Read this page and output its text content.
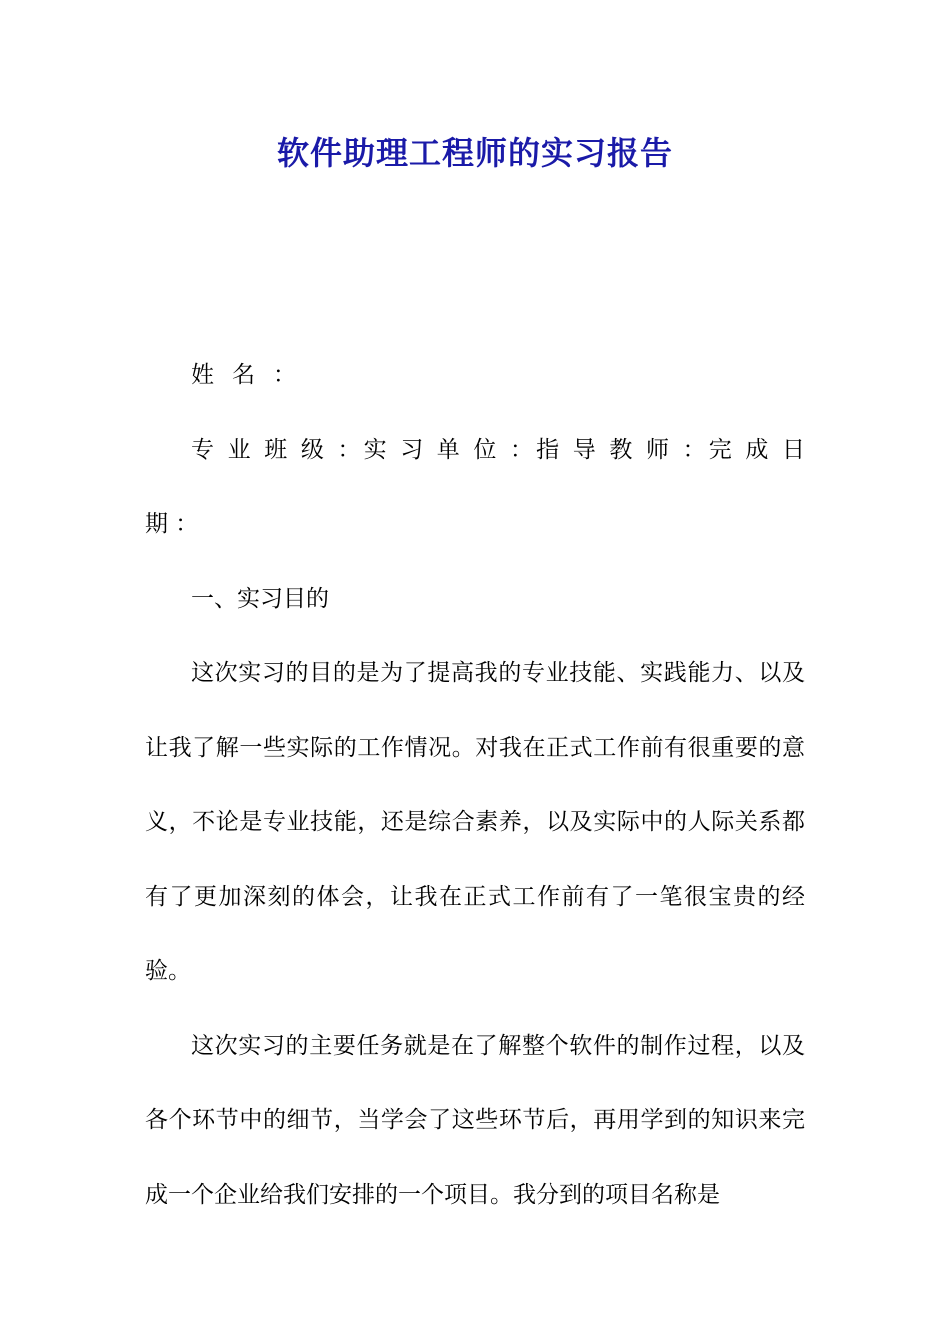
软件助理工程师的实习报告

姓名：

专 业 班 级 ：实 习 单 位 ：指 导 教 师 ：完 成 日

期 ：

一、实习目的

这次实习的目的是为了提高我的专业技能、实践能力、以及让我了解一些实际的工作情况。对我在正式工作前有很重要的意义，不论是专业技能，还是综合素养，以及实际中的人际关系都有了更加深刻的体会，让我在正式工作前有了一笔很宝贵的经验。

这次实习的主要任务就是在了解整个软件的制作过程，以及各个环节中的细节，当学会了这些环节后，再用学到的知识来完成一个企业给我们安排的一个项目。我分到的项目名称是
